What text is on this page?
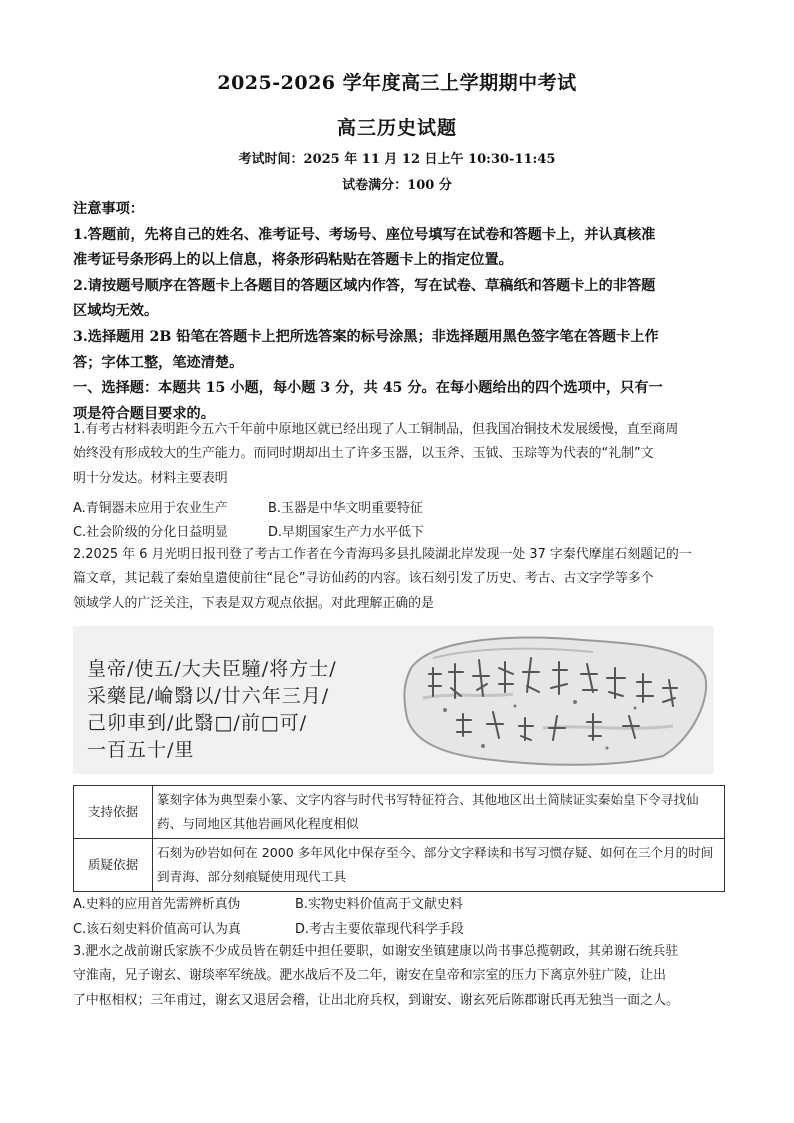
2025-2026 学年度高三上学期期中考试
高三历史试题
考试时间：2025 年 11 月 12 日上午 10:30-11:45
试卷满分：100 分
注意事项：
1.答题前，先将自己的姓名、准考证号、考场号、座位号填写在试卷和答题卡上，并认真核准
准考证号条形码上的以上信息，将条形码粘贴在答题卡上的指定位置。
2.请按题号顺序在答题卡上各题目的答题区域内作答，写在试卷、草稿纸和答题卡上的非答题
区域均无效。
3.选择题用 2B 铅笔在答题卡上把所选答案的标号涂黑；非选择题用黑色签字笔在答题卡上作
答；字体工整，笔迹清楚。
一、选择题：本题共 15 小题，每小题 3 分，共 45 分。在每小题给出的四个选项中，只有一
项是符合题目要求的。
1.有考古材料表明距今五六千年前中原地区就已经出现了人工铜制品，但我国冶铜技术发展缓慢，直至商周
始终没有形成较大的生产能力。而同时期却出土了许多玉器，以玉斧、玉钺、玉琮等为代表的“礼制”文
明十分发达。材料主要表明
A.青铜器未应用于农业生产	B.玉器是中华文明重要特征
C.社会阶级的分化日益明显	D.早期国家生产力水平低下
2.2025 年 6 月光明日报刊登了考古工作者在今青海玛多县扎陵湖北岸发现一处 37 字秦代摩崖石刻题记的一
篇文章，其记载了秦始皇遣使前往“昆仑”寻访仙药的内容。该石刻引发了历史、考古、古文字学等多个
领域学人的广泛关注，下表是双方观点依据。对此理解正确的是
皇帝/使五/大夫臣䮵/将方士/
采藥昆/崘翳以/廿六年三月/
己卯車到/此翳□/前□可/
一百五十/里
支持依据	篆刻字体为典型秦小篆、文字内容与时代书写特征符合、其他地区出土简牍证实秦始皇下令寻找仙药、与同地区其他岩画风化程度相似
质疑依据	石刻为砂岩如何在 2000 多年风化中保存至今、部分文字释读和书写习惯存疑、如何在三个月的时间到青海、部分刻痕疑使用现代工具
A.史料的应用首先需辨析真伪	B.实物史料价值高于文献史料
C.该石刻史料价值高可认为真	D.考古主要依靠现代科学手段
3.淝水之战前谢氏家族不少成员皆在朝廷中担任要职，如谢安坐镇建康以尚书事总揽朝政，其弟谢石统兵驻
守淮南，兄子谢玄、谢琰率军统战。淝水战后不及二年，谢安在皇帝和宗室的压力下离京外驻广陵，让出
了中枢相权；三年甫过，谢玄又退居会稽，让出北府兵权，到谢安、谢玄死后陈郡谢氏再无独当一面之人。
